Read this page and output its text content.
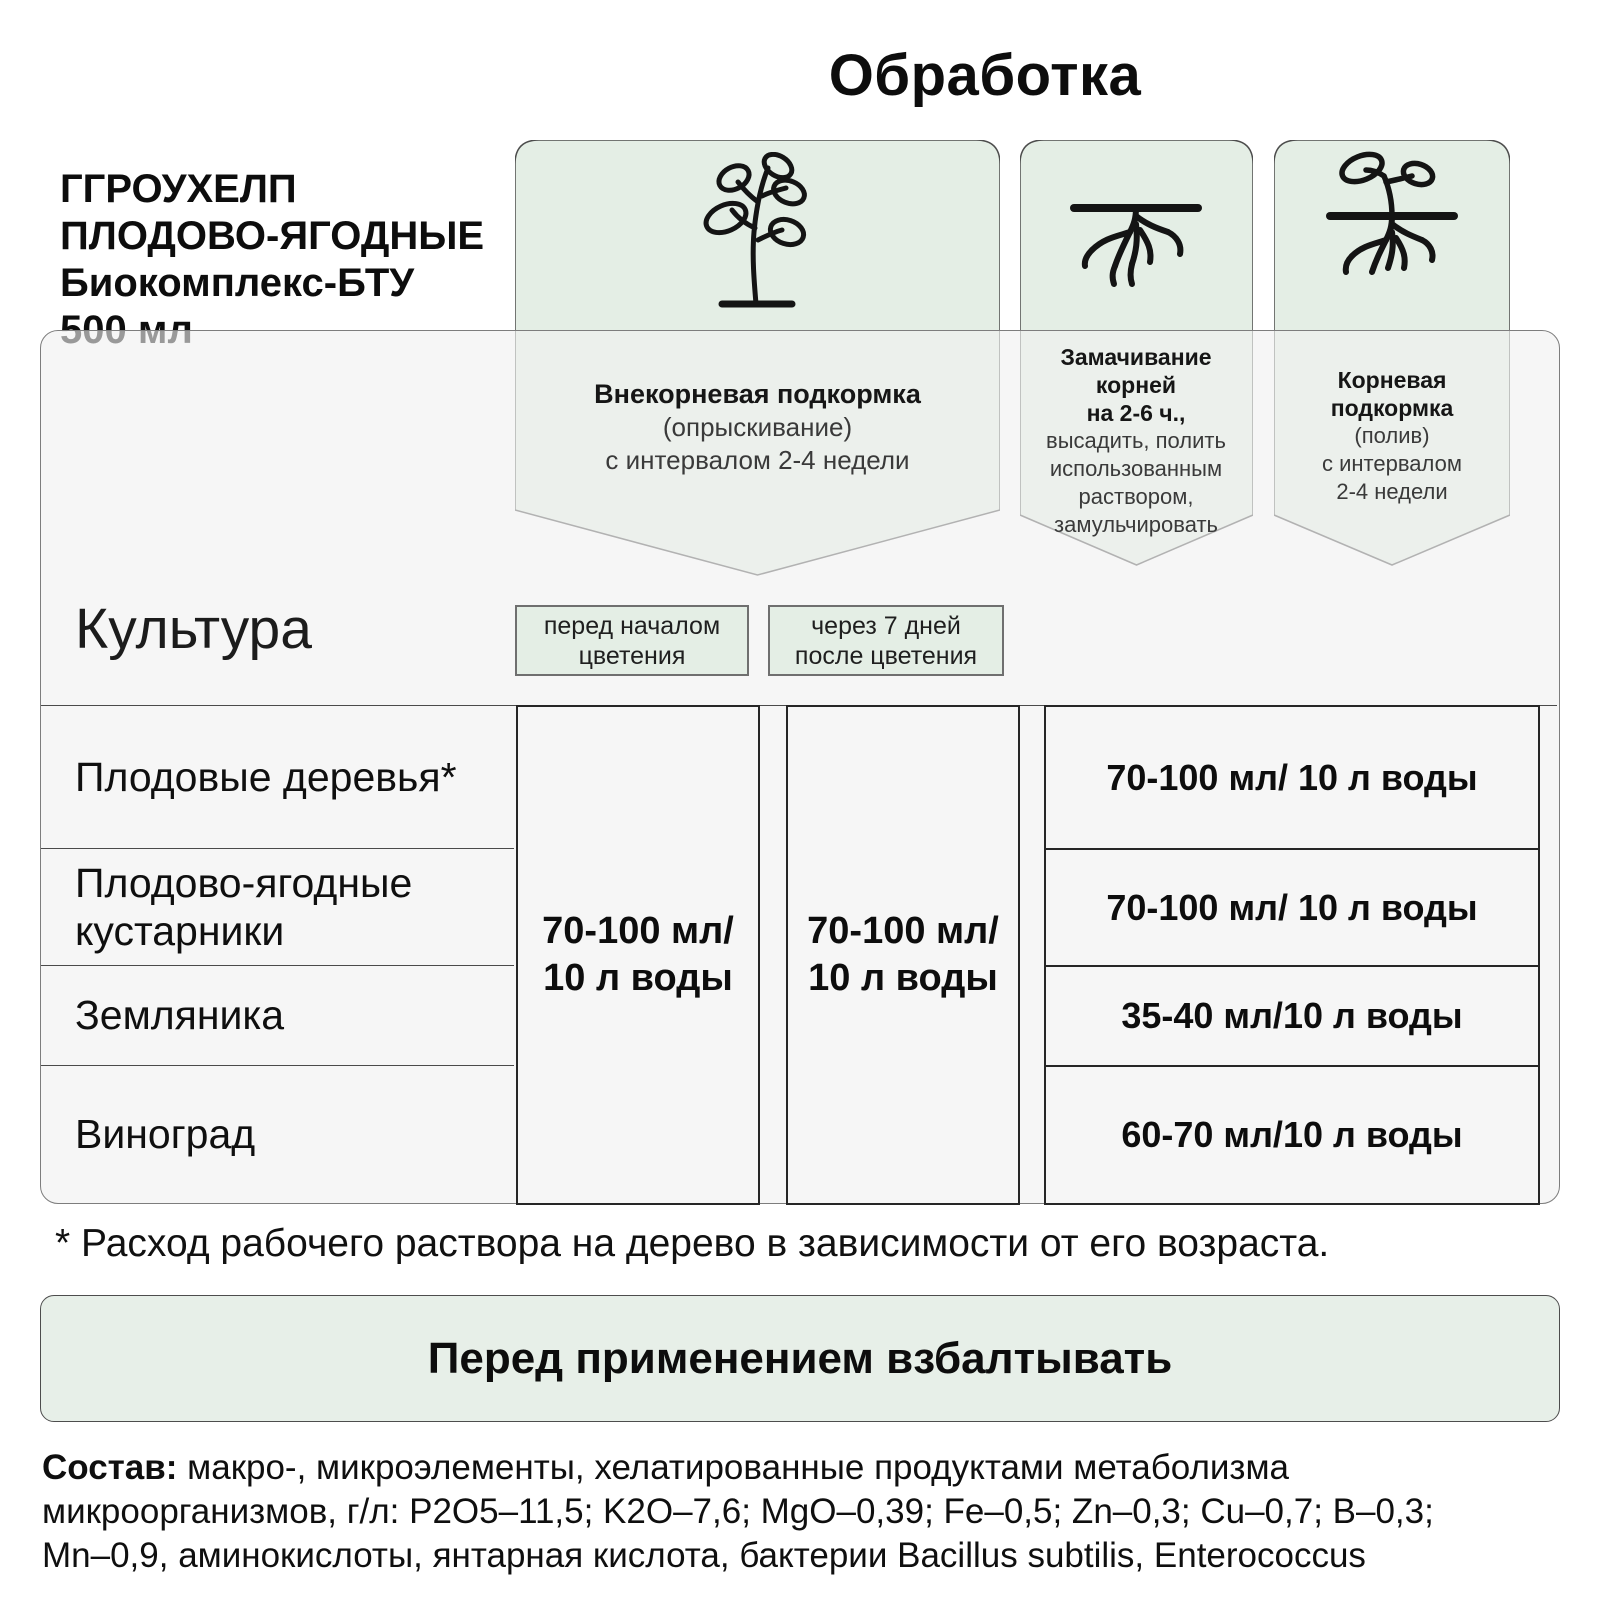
Обработка
ГГРОУХЕЛП
ПЛОДОВО-ЯГОДНЫЕ
Биокомплекс-БТУ
Внекорневая подкормка
(опрыскивание)
с интервалом 2-4 недели
Замачивание
корней
на 2-6 ч.,
высадить, полить
использованным
раствором,
замульчировать
Корневая
подкормка
(полив)
с интервалом
2-4 недели
Культура	перед началом
цветения
через 7 дней
после цветения
Плодовые деревья*
Плодово-ягодные кустарники
Земляника
Виноград
70-100 мл/
10 л воды
70-100 мл/
10 л воды
70-100 мл/ 10 л воды
70-100 мл/ 10 л воды
35-40 мл/10 л воды
60-70 мл/10 л воды
* Расход рабочего раствора на дерево в зависимости от его возраста.
Перед применением взбалтывать
Состав: макро-, микроэлементы, хелатированные продуктами метаболизма
микроорганизмов, г/л: P2O5–11,5; K2O–7,6; MgO–0,39; Fe–0,5; Zn–0,3; Cu–0,7; B–0,3;
Mn–0,9, аминокислоты, янтарная кислота, бактерии Bacillus subtilis, Enterococcus
